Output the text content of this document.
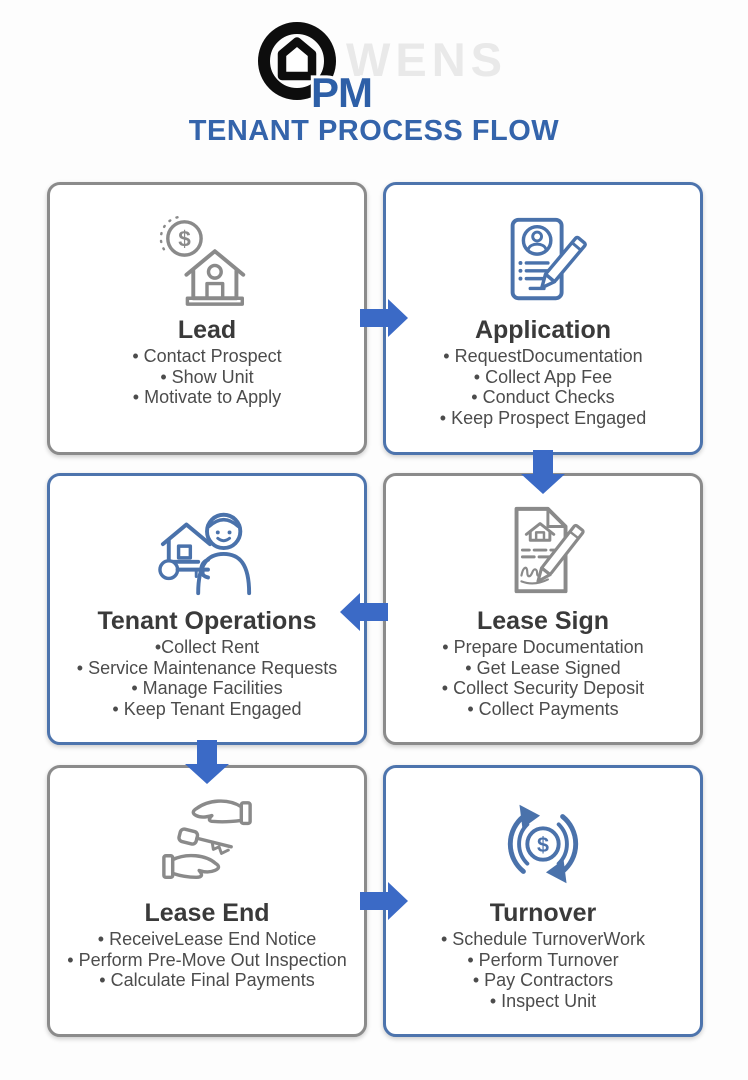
WENS
PM
TENANT PROCESS FLOW
$
Lead
• Contact Prospect
• Show Unit
• Motivate to Apply
Application
• RequestDocumentation
• Collect App Fee
• Conduct Checks
• Keep Prospect Engaged
Tenant Operations
•Collect Rent
• Service Maintenance Requests
• Manage Facilities
• Keep Tenant Engaged
Lease Sign
• Prepare Documentation
• Get Lease Signed
• Collect Security Deposit
• Collect Payments
Lease End
• ReceiveLease End Notice
• Perform Pre-Move Out Inspection
• Calculate Final Payments
$
Turnover
• Schedule TurnoverWork
• Perform Turnover
• Pay Contractors
• Inspect Unit
